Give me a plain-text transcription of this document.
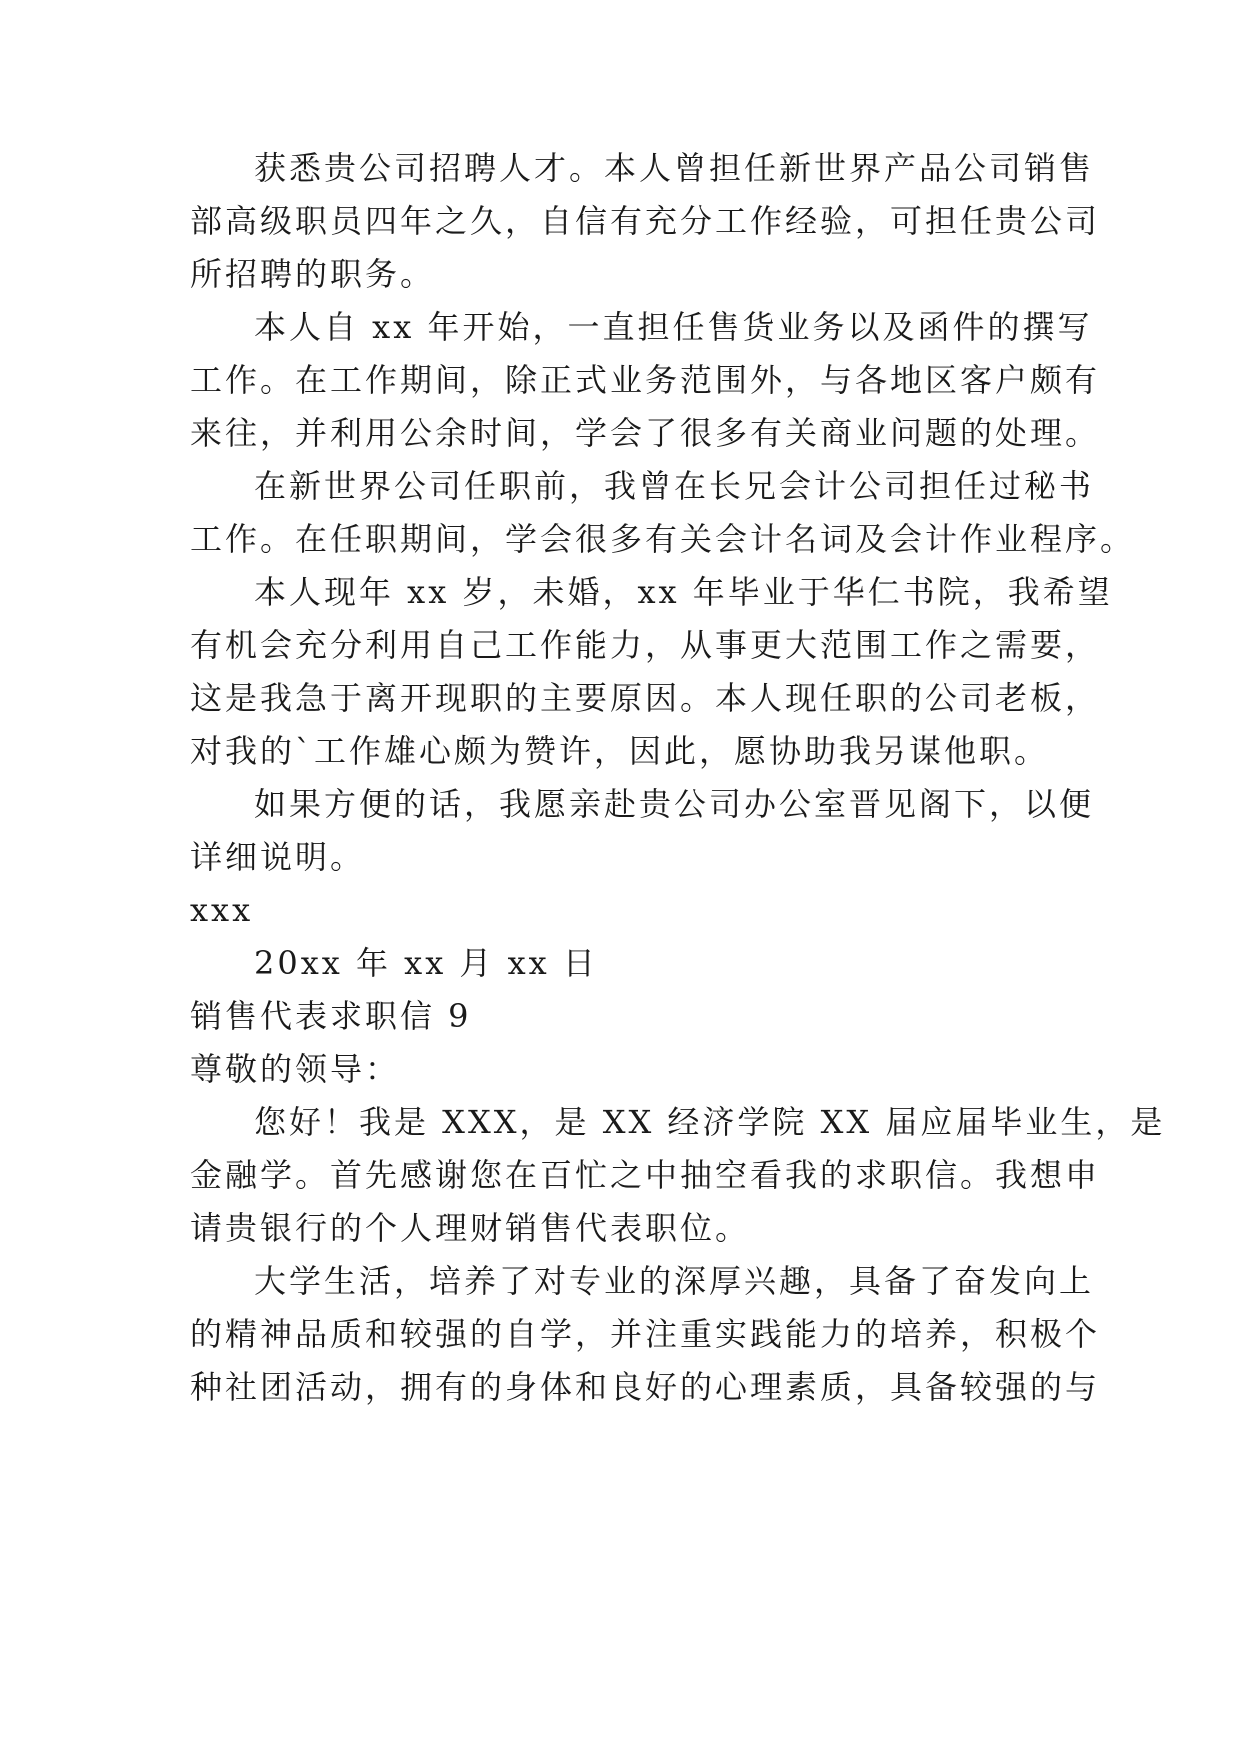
获悉贵公司招聘人才。本人曾担任新世界产品公司销售

部高级职员四年之久，自信有充分工作经验，可担任贵公司

所招聘的职务。

本人自 xx 年开始，一直担任售货业务以及函件的撰写

工作。在工作期间，除正式业务范围外，与各地区客户颇有

来往，并利用公余时间，学会了很多有关商业问题的处理。

在新世界公司任职前，我曾在长兄会计公司担任过秘书

工作。在任职期间，学会很多有关会计名词及会计作业程序。

本人现年 xx 岁，未婚，xx 年毕业于华仁书院，我希望

有机会充分利用自己工作能力，从事更大范围工作之需要，

这是我急于离开现职的主要原因。本人现任职的公司老板，

对我的`工作雄心颇为赞许，因此，愿协助我另谋他职。

如果方便的话，我愿亲赴贵公司办公室晋见阁下，以便

详细说明。

xxx

20xx 年 xx 月 xx 日

销售代表求职信 9

尊敬的领导：

您好！我是 XXX，是 XX 经济学院 XX 届应届毕业生，是

金融学。首先感谢您在百忙之中抽空看我的求职信。我想申

请贵银行的个人理财销售代表职位。

大学生活，培养了对专业的深厚兴趣，具备了奋发向上

的精神品质和较强的自学，并注重实践能力的培养，积极个

种社团活动，拥有的身体和良好的心理素质，具备较强的与
